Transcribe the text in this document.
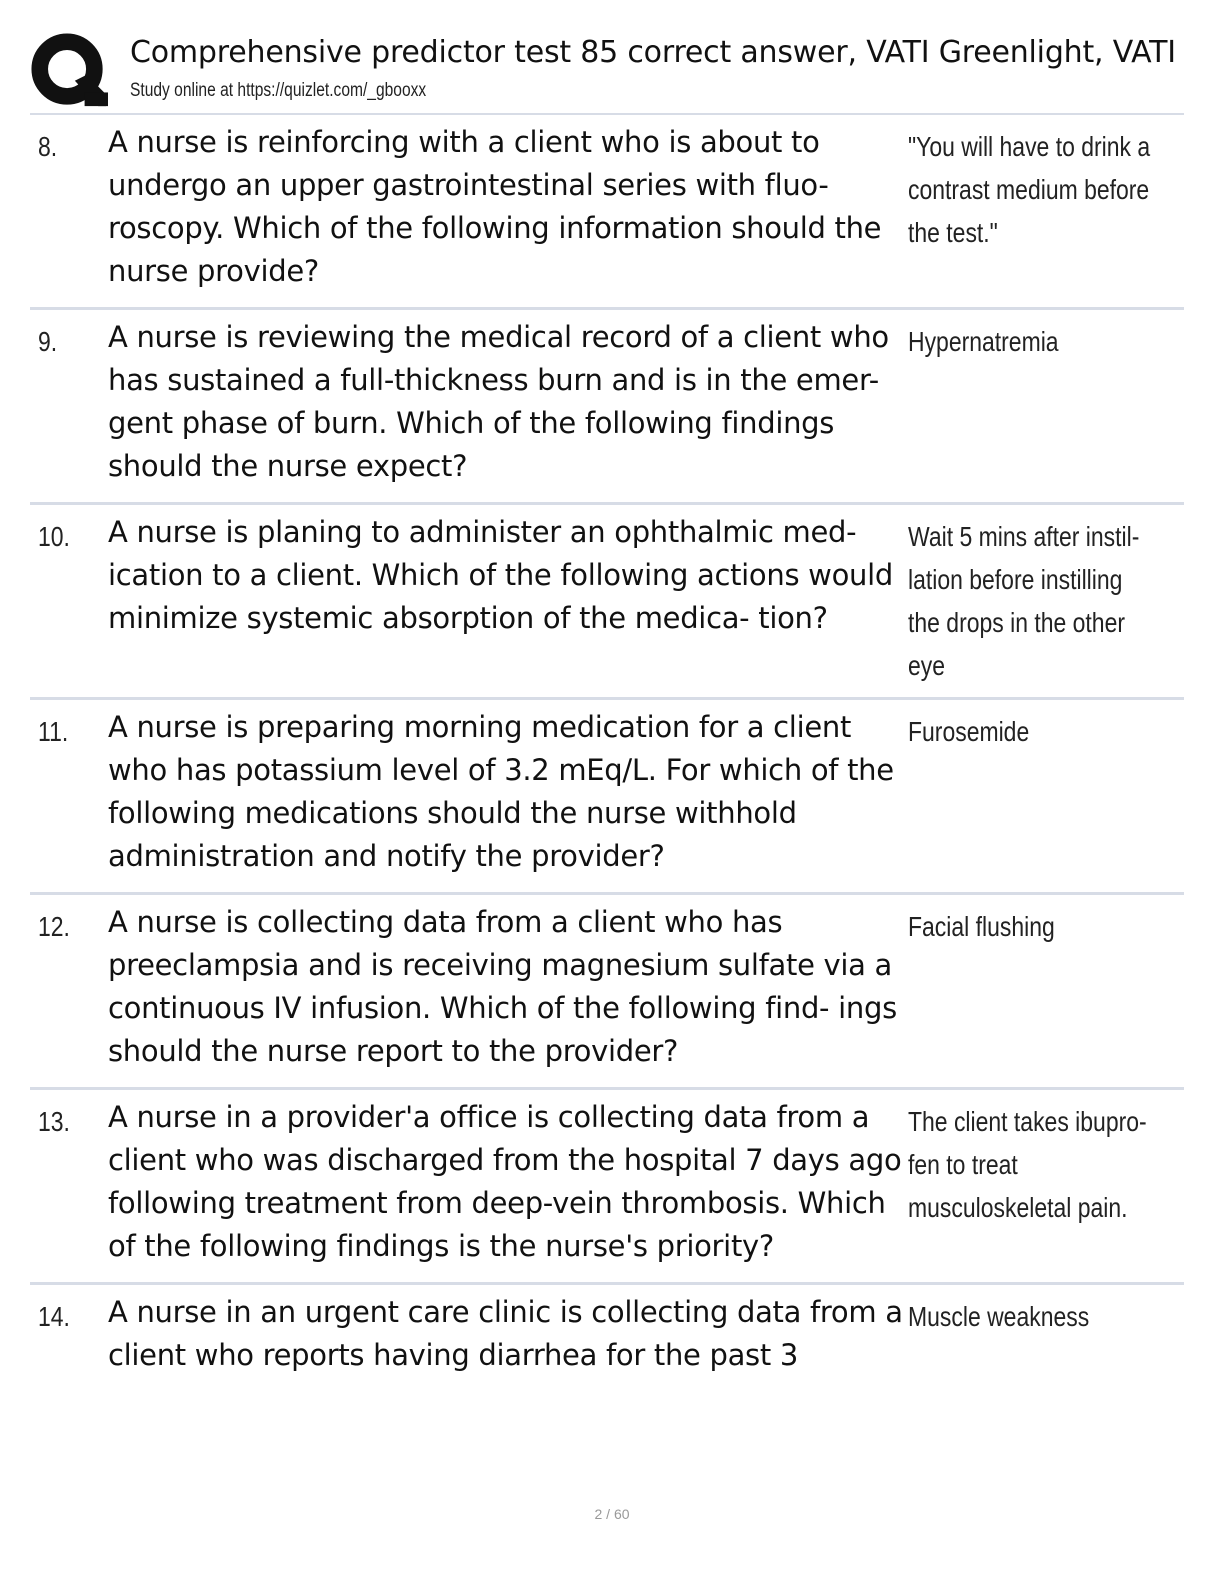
Comprehensive predictor test 85 correct answer, VATI Greenlight, VATI
Study online at https://quizlet.com/_gbooxx
8. A nurse is reinforcing with a client who is about to undergo an upper gastrointestinal series with fluo- roscopy. Which of the following information should the nurse provide?
"You will have to drink a contrast medium before the test."
9. A nurse is reviewing the medical record of a client who has sustained a full-thickness burn and is in the emer- gent phase of burn. Which of the following findings should the nurse expect?
Hypernatremia
10. A nurse is planing to administer an ophthalmic med- ication to a client. Which of the following actions would minimize systemic absorption of the medica- tion?
Wait 5 mins after instil- lation before instilling the drops in the other eye
11. A nurse is preparing morning medication for a client who has potassium level of 3.2 mEq/L. For which of the following medications should the nurse withhold administration and notify the provider?
Furosemide
12. A nurse is collecting data from a client who has preeclampsia and is receiving magnesium sulfate via a continuous IV infusion. Which of the following find- ings should the nurse report to the provider?
Facial flushing
13. A nurse in a provider'a office is collecting data from a client who was discharged from the hospital 7 days ago following treatment from deep-vein thrombosis. Which of the following findings is the nurse's priority?
The client takes ibupro- fen to treat musculoskeletal pain.
14. A nurse in an urgent care clinic is collecting data from a client who reports having diarrhea for the past 3
Muscle weakness
2 / 60
